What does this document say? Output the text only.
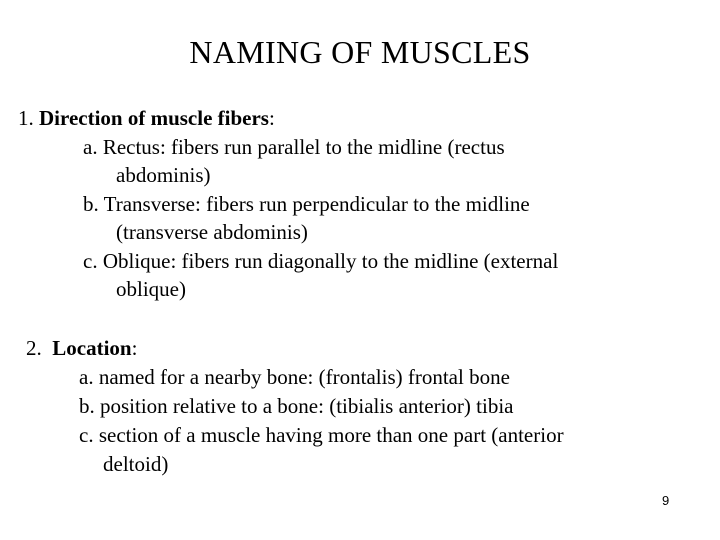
NAMING OF MUSCLES
1. Direction of muscle fibers:
a. Rectus: fibers run parallel to the midline (rectus
abdominis)
b. Transverse: fibers run perpendicular to the midline
(transverse abdominis)
c. Oblique: fibers run diagonally to the midline (external
oblique)
2. Location:
a. named for a nearby bone: (frontalis) frontal bone
b. position relative to a bone: (tibialis anterior) tibia
c. section of a muscle having more than one part (anterior
deltoid)
9
